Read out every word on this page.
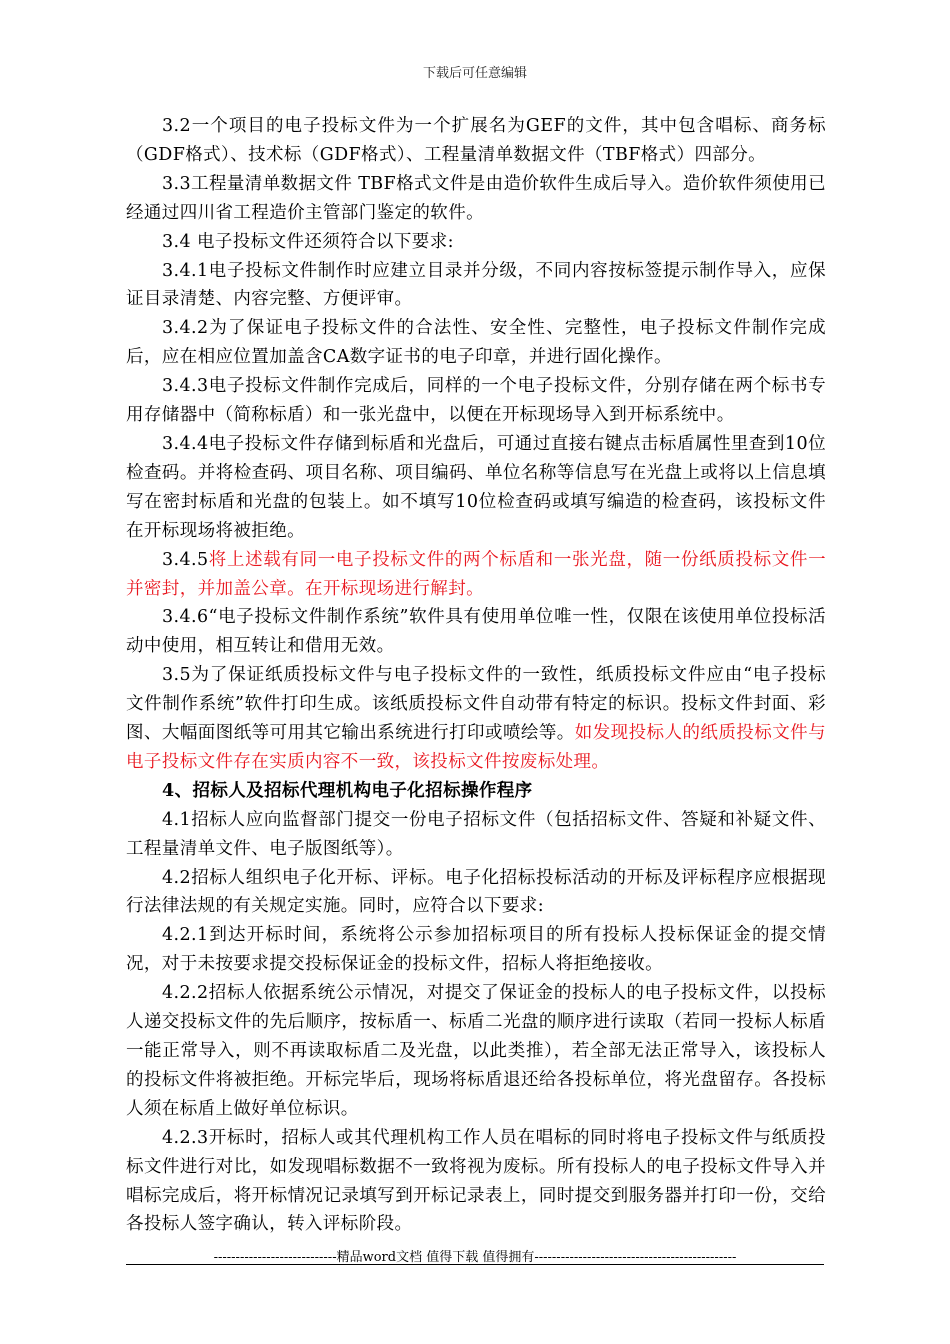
下载后可任意编辑

3.2一个项目的电子投标文件为一个扩展名为GEF的文件，其中包含唱标、商务标（GDF格式）、技术标（GDF格式）、工程量清单数据文件（TBF格式）四部分。

3.3工程量清单数据文件 TBF格式文件是由造价软件生成后导入。造价软件须使用已经通过四川省工程造价主管部门鉴定的软件。

3.4 电子投标文件还须符合以下要求:

3.4.1电子投标文件制作时应建立目录并分级，不同内容按标签提示制作导入，应保证目录清楚、内容完整、方便评审。

3.4.2为了保证电子投标文件的合法性、安全性、完整性，电子投标文件制作完成后，应在相应位置加盖含CA数字证书的电子印章，并进行固化操作。

3.4.3电子投标文件制作完成后，同样的一个电子投标文件，分别存储在两个标书专用存储器中（简称标盾）和一张光盘中，以便在开标现场导入到开标系统中。

3.4.4电子投标文件存储到标盾和光盘后，可通过直接右键点击标盾属性里查到10位检查码。并将检查码、项目名称、项目编码、单位名称等信息写在光盘上或将以上信息填写在密封标盾和光盘的包装上。如不填写10位检查码或填写编造的检查码，该投标文件在开标现场将被拒绝。

3.4.5将上述载有同一电子投标文件的两个标盾和一张光盘，随一份纸质投标文件一并密封，并加盖公章。在开标现场进行解封。

3.4.6“电子投标文件制作系统”软件具有使用单位唯一性，仅限在该使用单位投标活动中使用，相互转让和借用无效。

3.5为了保证纸质投标文件与电子投标文件的一致性，纸质投标文件应由“电子投标文件制作系统”软件打印生成。该纸质投标文件自动带有特定的标识。投标文件封面、彩图、大幅面图纸等可用其它输出系统进行打印或喷绘等。如发现投标人的纸质投标文件与电子投标文件存在实质内容不一致，该投标文件按废标处理。

4、招标人及招标代理机构电子化招标操作程序

4.1招标人应向监督部门提交一份电子招标文件（包括招标文件、答疑和补疑文件、工程量清单文件、电子版图纸等）。

4.2招标人组织电子化开标、评标。电子化招标投标活动的开标及评标程序应根据现行法律法规的有关规定实施。同时，应符合以下要求:

4.2.1到达开标时间，系统将公示参加招标项目的所有投标人投标保证金的提交情况，对于未按要求提交投标保证金的投标文件，招标人将拒绝接收。

4.2.2招标人依据系统公示情况，对提交了保证金的投标人的电子投标文件，以投标人递交投标文件的先后顺序，按标盾一、标盾二光盘的顺序进行读取（若同一投标人标盾一能正常导入，则不再读取标盾二及光盘，以此类推），若全部无法正常导入，该投标人的投标文件将被拒绝。开标完毕后，现场将标盾退还给各投标单位，将光盘留存。各投标人须在标盾上做好单位标识。

4.2.3开标时，招标人或其代理机构工作人员在唱标的同时将电子投标文件与纸质投标文件进行对比，如发现唱标数据不一致将视为废标。所有投标人的电子投标文件导入并唱标完成后，将开标情况记录填写到开标记录表上，同时提交到服务器并打印一份，交给各投标人签字确认，转入评标阶段。

----------------------------精品word文档 值得下载 值得拥有----------------------------------------------
